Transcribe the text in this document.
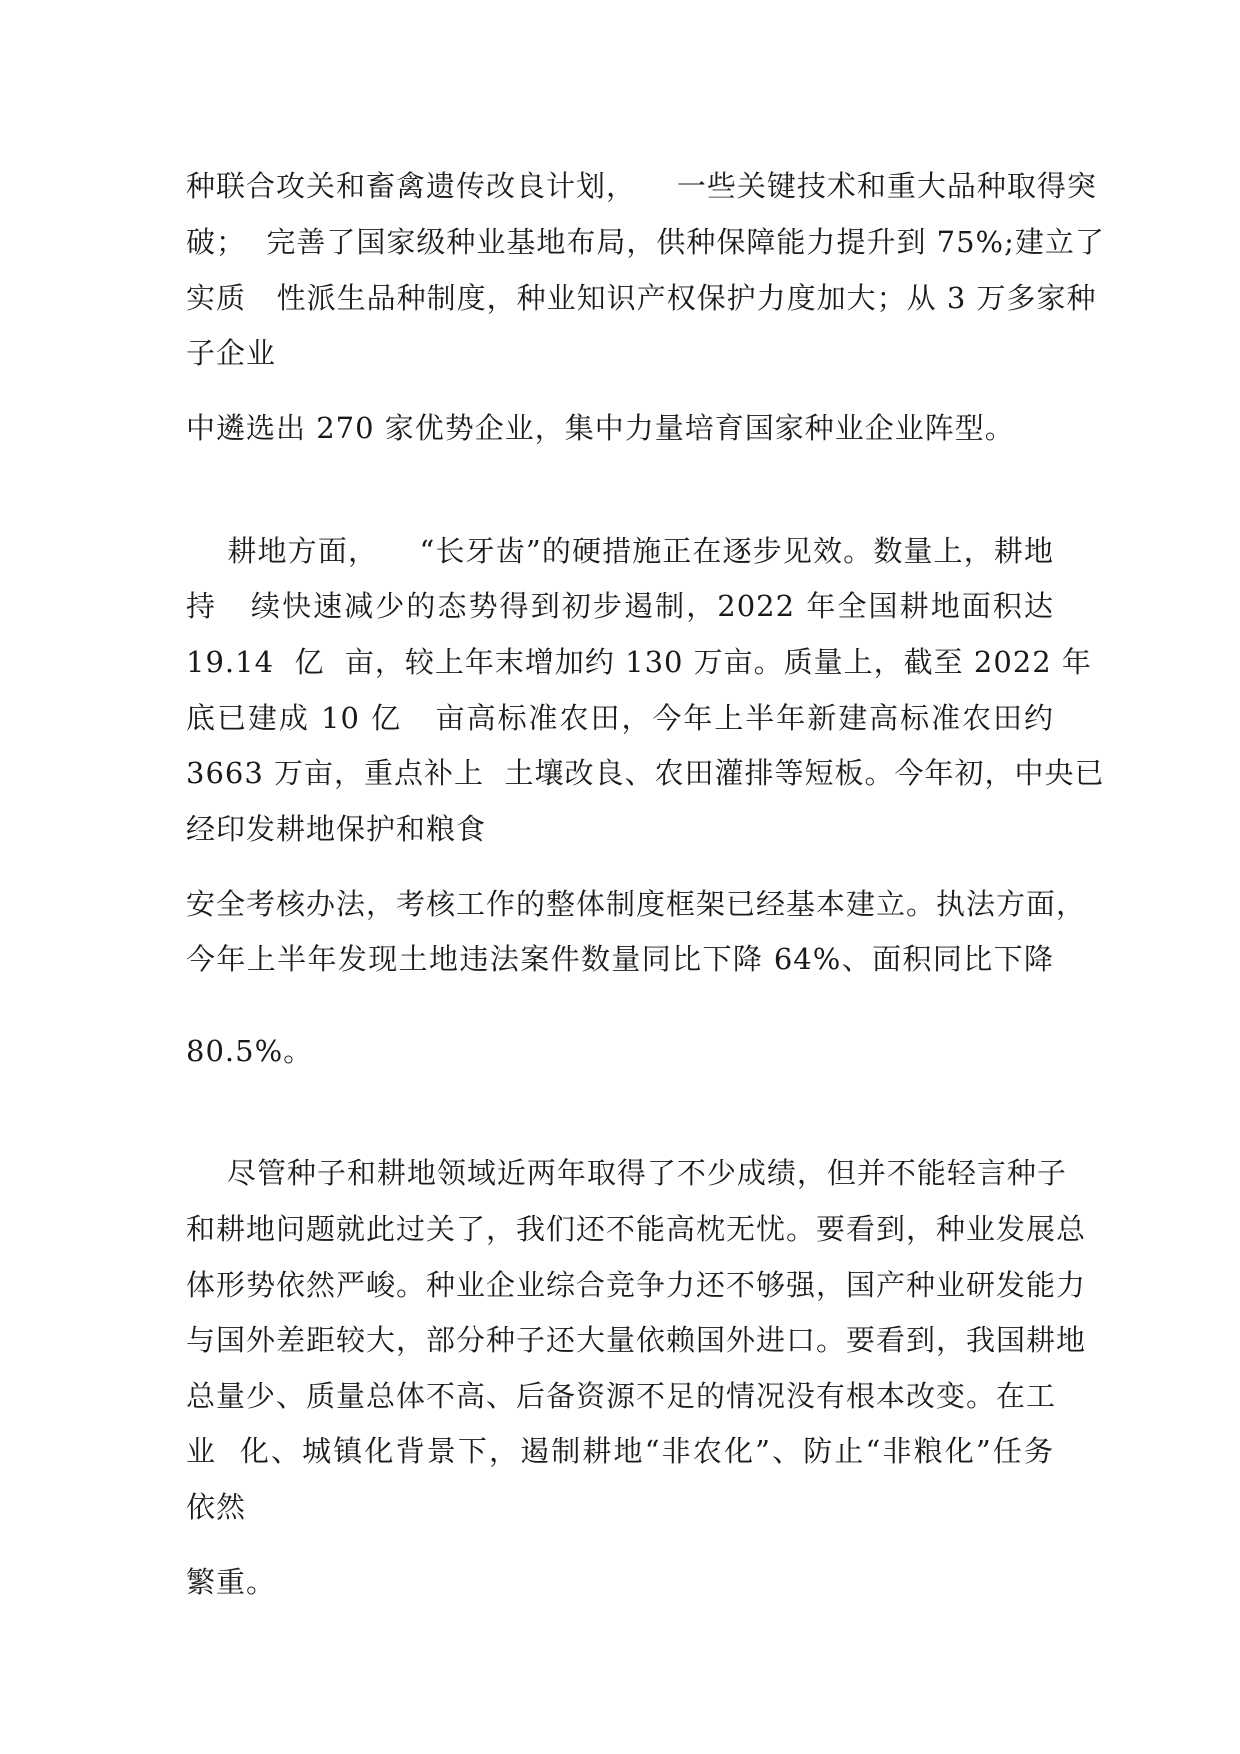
种联合攻关和畜禽遗传改良计划，    一些关键技术和重大品种取得突
破；  完善了国家级种业基地布局，供种保障能力提升到 75%;建立了
实质   性派生品种制度，种业知识产权保护力度加大；从 3 万多家种
子企业
中遴选出 270 家优势企业，集中力量培育国家种业企业阵型。
耕地方面，    “长牙齿”的硬措施正在逐步见效。数量上，耕地
持   续快速减少的态势得到初步遏制，2022 年全国耕地面积达
19.14  亿  亩，较上年末增加约 130 万亩。质量上，截至 2022 年
底已建成 10 亿   亩高标准农田，今年上半年新建高标准农田约
3663 万亩，重点补上  土壤改良、农田灌排等短板。今年初，中央已
经印发耕地保护和粮食
安全考核办法，考核工作的整体制度框架已经基本建立。执法方面，
今年上半年发现土地违法案件数量同比下降 64%、面积同比下降
80.5%。
尽管种子和耕地领域近两年取得了不少成绩，但并不能轻言种子
和耕地问题就此过关了，我们还不能高枕无忧。要看到，种业发展总
体形势依然严峻。种业企业综合竞争力还不够强，国产种业研发能力
与国外差距较大，部分种子还大量依赖国外进口。要看到，我国耕地
总量少、质量总体不高、后备资源不足的情况没有根本改变。在工
业  化、城镇化背景下，遏制耕地“非农化”、防止“非粮化”任务
依然
繁重。
